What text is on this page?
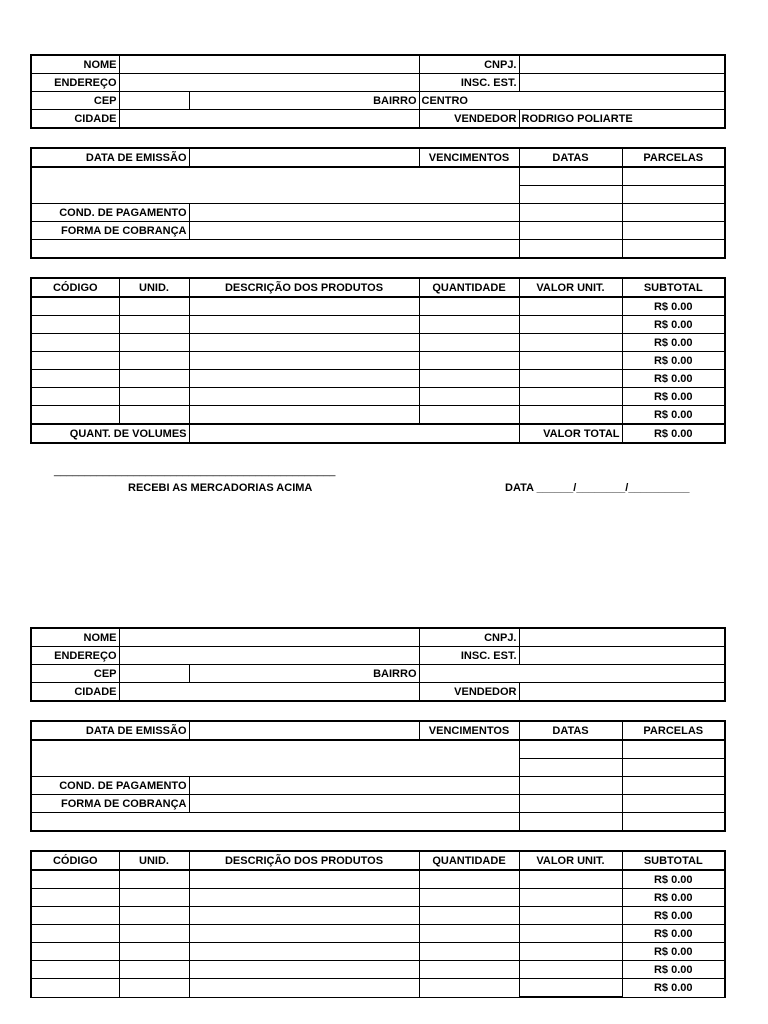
NOME			CNPJ.	
ENDEREÇO			INSC. EST.	
CEP		BAIRRO	CENTRO	
CIDADE			VENDEDOR	RODRIGO POLIARTE
DATA DE EMISSÃO		VENCIMENTOS	DATAS	PARCELAS

COND. DE PAGAMENTO				
FORMA DE COBRANÇA				

CÓDIGO	UNID.	DESCRIÇÃO DOS PRODUTOS	QUANTIDADE	VALOR UNIT.	SUBTOTAL
					R$ 0.00
					R$ 0.00
					R$ 0.00
					R$ 0.00
					R$ 0.00
					R$ 0.00
					R$ 0.00
QUANT. DE VOLUMES				VALOR TOTAL	R$ 0.00
______________________________________________
RECEBI AS MERCADORIAS ACIMA	DATA ______/________/__________
NOME			CNPJ.	
ENDEREÇO			INSC. EST.	
CEP		BAIRRO		
CIDADE			VENDEDOR	
DATA DE EMISSÃO		VENCIMENTOS	DATAS	PARCELAS

COND. DE PAGAMENTO				
FORMA DE COBRANÇA				

CÓDIGO	UNID.	DESCRIÇÃO DOS PRODUTOS	QUANTIDADE	VALOR UNIT.	SUBTOTAL
					R$ 0.00
					R$ 0.00
					R$ 0.00
					R$ 0.00
					R$ 0.00
					R$ 0.00
					R$ 0.00
